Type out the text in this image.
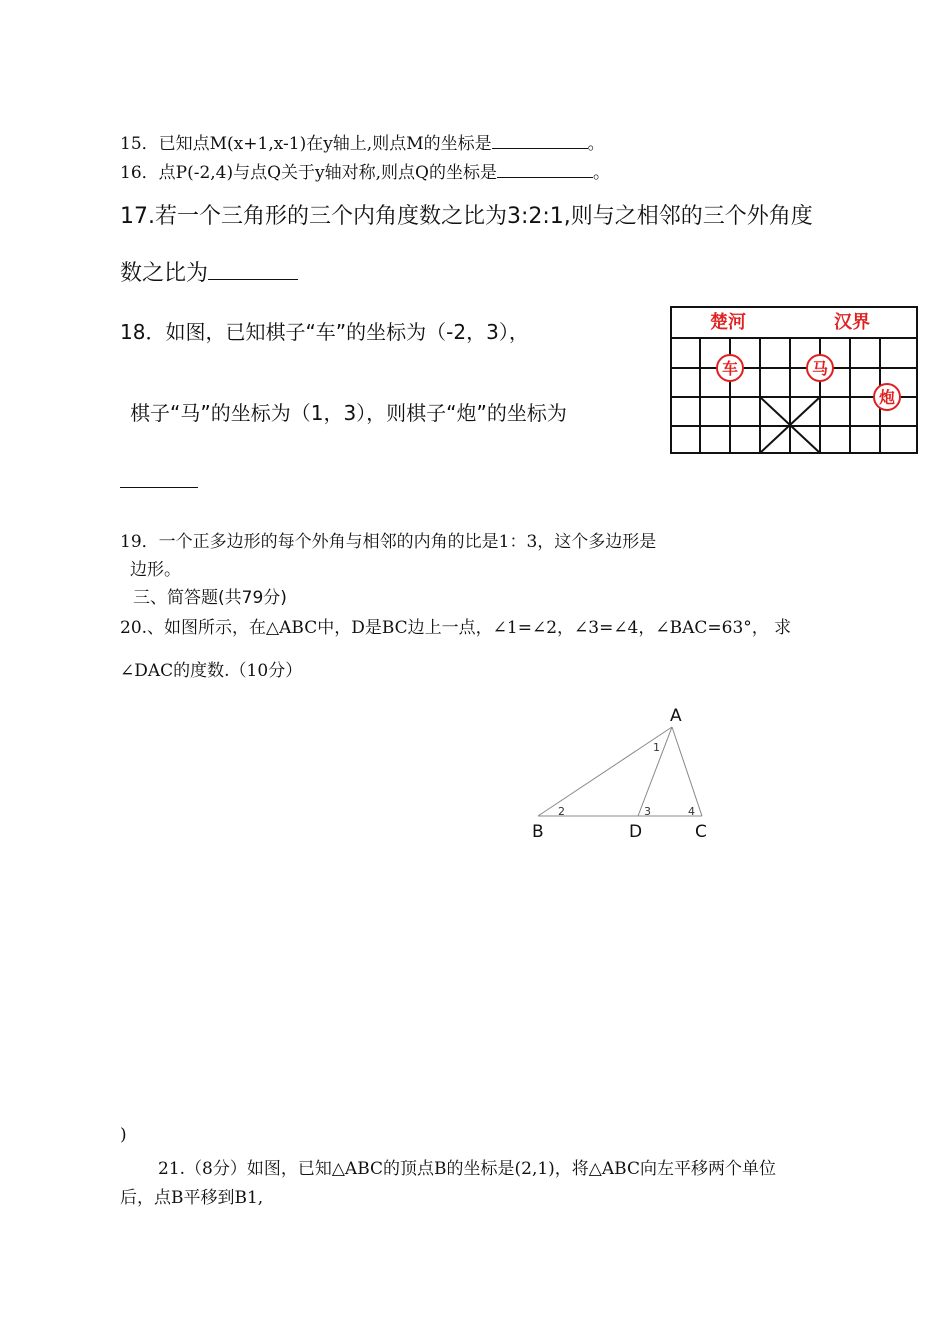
15．已知点M(x+1,x-1)在y轴上,则点M的坐标是	。
16．点P(-2,4)与点Q关于y轴对称,则点Q的坐标是	。
17.若一个三角形的三个内角度数之比为3:2:1,则与之相邻的三个外角度
数之比为
18．如图，已知棋子“车”的坐标为（-2，3），
棋子“马”的坐标为（1，3），则棋子“炮”的坐标为
楚河	汉界
车	马
炮
19．一个正多边形的每个外角与相邻的内角的比是1：3，这个多边形是
边形。
三、简答题(共79分)
20.、如图所示，在△ABC中，D是BC边上一点，∠1=∠2，∠3=∠4，∠BAC=63°， 求
∠DAC的度数.（10分）
A
B	D	C
1
2	3	4
)
21.（8分）如图，已知△ABC的顶点B的坐标是(2,1)，将△ABC向左平移两个单位
后，点B平移到B1,
